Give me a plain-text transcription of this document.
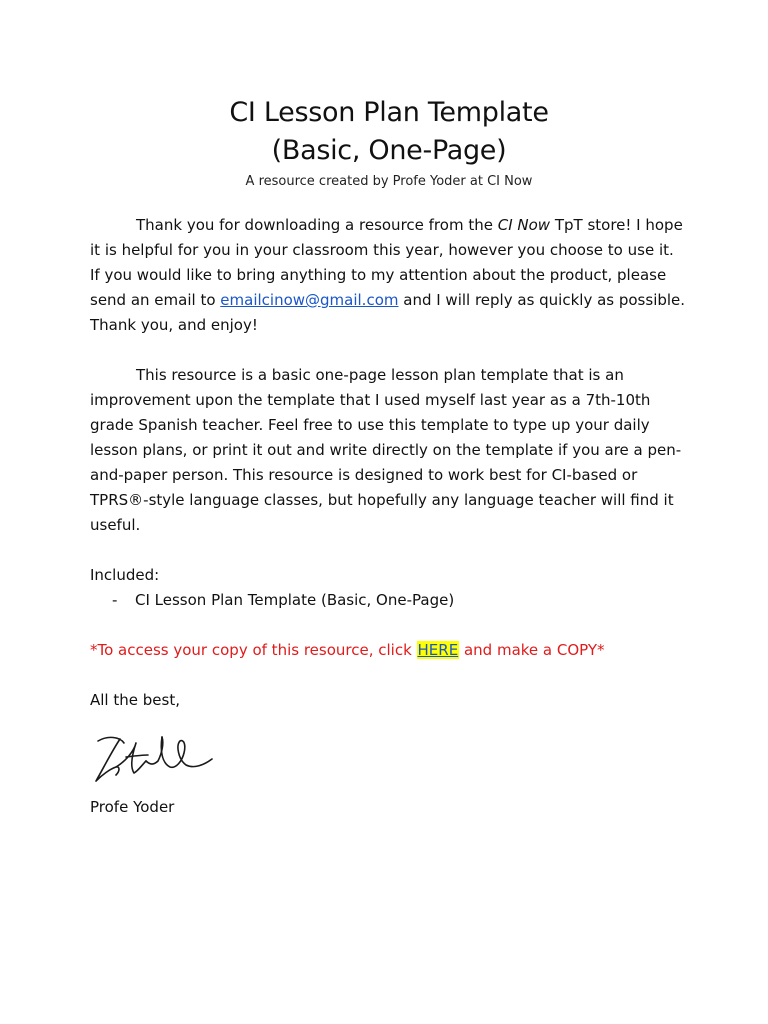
CI Lesson Plan Template
(Basic, One-Page)

A resource created by Profe Yoder at CI Now

Thank you for downloading a resource from the CI Now TpT store! I hope it is helpful for you in your classroom this year, however you choose to use it. If you would like to bring anything to my attention about the product, please send an email to emailcinow@gmail.com and I will reply as quickly as possible. Thank you, and enjoy!

This resource is a basic one-page lesson plan template that is an improvement upon the template that I used myself last year as a 7th-10th grade Spanish teacher. Feel free to use this template to type up your daily lesson plans, or print it out and write directly on the template if you are a pen-and-paper person. This resource is designed to work best for CI-based or TPRS®-style language classes, but hopefully any language teacher will find it useful.

Included:

- CI Lesson Plan Template (Basic, One-Page)

*To access your copy of this resource, click HERE and make a COPY*

All the best,

Profe Yoder
